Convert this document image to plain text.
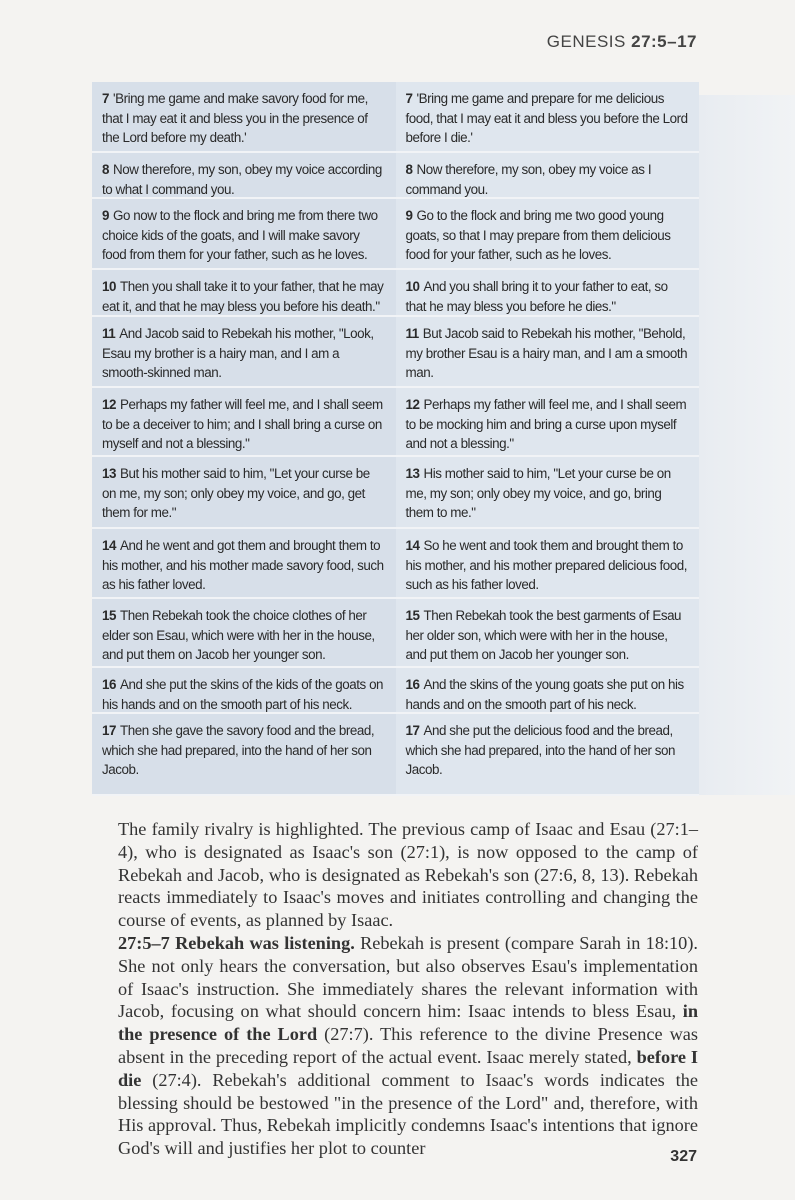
GENESIS 27:5–17
7 'Bring me game and make savory food for me, that I may eat it and bless you in the presence of the Lord before my death.'
7 'Bring me game and prepare for me delicious food, that I may eat it and bless you before the Lord before I die.'
8 Now therefore, my son, obey my voice according to what I command you.
8 Now therefore, my son, obey my voice as I command you.
9 Go now to the flock and bring me from there two choice kids of the goats, and I will make savory food from them for your father, such as he loves.
9 Go to the flock and bring me two good young goats, so that I may prepare from them delicious food for your father, such as he loves.
10 Then you shall take it to your father, that he may eat it, and that he may bless you before his death."
10 And you shall bring it to your father to eat, so that he may bless you before he dies."
11 And Jacob said to Rebekah his mother, "Look, Esau my brother is a hairy man, and I am a smooth-skinned man.
11 But Jacob said to Rebekah his mother, "Behold, my brother Esau is a hairy man, and I am a smooth man.
12 Perhaps my father will feel me, and I shall seem to be a deceiver to him; and I shall bring a curse on myself and not a blessing."
12 Perhaps my father will feel me, and I shall seem to be mocking him and bring a curse upon myself and not a blessing."
13 But his mother said to him, "Let your curse be on me, my son; only obey my voice, and go, get them for me."
13 His mother said to him, "Let your curse be on me, my son; only obey my voice, and go, bring them to me."
14 And he went and got them and brought them to his mother, and his mother made savory food, such as his father loved.
14 So he went and took them and brought them to his mother, and his mother prepared delicious food, such as his father loved.
15 Then Rebekah took the choice clothes of her elder son Esau, which were with her in the house, and put them on Jacob her younger son.
15 Then Rebekah took the best garments of Esau her older son, which were with her in the house, and put them on Jacob her younger son.
16 And she put the skins of the kids of the goats on his hands and on the smooth part of his neck.
16 And the skins of the young goats she put on his hands and on the smooth part of his neck.
17 Then she gave the savory food and the bread, which she had prepared, into the hand of her son Jacob.
17 And she put the delicious food and the bread, which she had prepared, into the hand of her son Jacob.

The family rivalry is highlighted. The previous camp of Isaac and Esau (27:1–4), who is designated as Isaac's son (27:1), is now opposed to the camp of Rebekah and Jacob, who is designated as Rebekah's son (27:6, 8, 13). Rebekah reacts immediately to Isaac's moves and initiates controlling and changing the course of events, as planned by Isaac.

27:5–7 Rebekah was listening. Rebekah is present (compare Sarah in 18:10). She not only hears the conversation, but also observes Esau's implementation of Isaac's instruction. She immediately shares the relevant information with Jacob, focusing on what should concern him: Isaac intends to bless Esau, in the presence of the Lord (27:7). This reference to the divine Presence was absent in the preceding report of the actual event. Isaac merely stated, before I die (27:4). Rebekah's additional comment to Isaac's words indicates the blessing should be bestowed "in the presence of the Lord" and, therefore, with His approval. Thus, Rebekah implicitly condemns Isaac's intentions that ignore God's will and justifies her plot to counter	327
